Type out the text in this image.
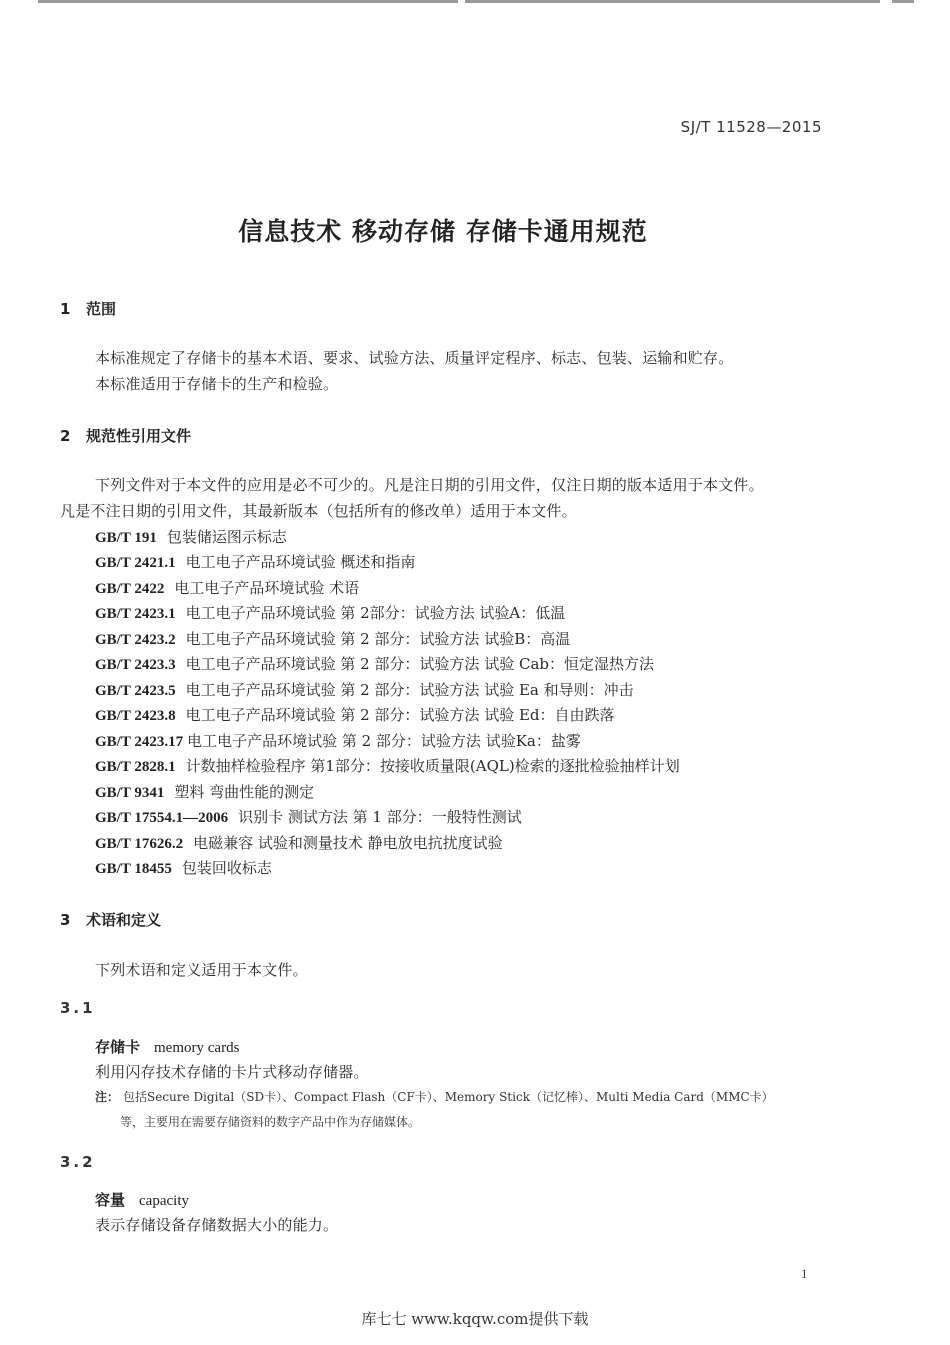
SJ/T 11528—2015
信息技术 移动存储 存储卡通用规范
1 范围
本标准规定了存储卡的基本术语、要求、试验方法、质量评定程序、标志、包装、运输和贮存。
本标准适用于存储卡的生产和检验。
2 规范性引用文件
下列文件对于本文件的应用是必不可少的。凡是注日期的引用文件，仅注日期的版本适用于本文件。
凡是不注日期的引用文件，其最新版本（包括所有的修改单）适用于本文件。
GB/T 191 包装储运图示标志
GB/T 2421.1 电工电子产品环境试验 概述和指南
GB/T 2422 电工电子产品环境试验 术语
GB/T 2423.1 电工电子产品环境试验 第 2部分：试验方法 试验A：低温
GB/T 2423.2 电工电子产品环境试验 第 2 部分：试验方法 试验B：高温
GB/T 2423.3 电工电子产品环境试验 第 2 部分：试验方法 试验 Cab：恒定湿热方法
GB/T 2423.5 电工电子产品环境试验 第 2 部分：试验方法 试验 Ea 和导则：冲击
GB/T 2423.8 电工电子产品环境试验 第 2 部分：试验方法 试验 Ed：自由跌落
GB/T 2423.17 电工电子产品环境试验 第 2 部分：试验方法 试验Ka：盐雾
GB/T 2828.1 计数抽样检验程序 第1部分：按接收质量限(AQL)检索的逐批检验抽样计划
GB/T 9341 塑料 弯曲性能的测定
GB/T 17554.1—2006 识别卡 测试方法 第 1 部分：一般特性测试
GB/T 17626.2 电磁兼容 试验和测量技术 静电放电抗扰度试验
GB/T 18455 包装回收标志
3 术语和定义
下列术语和定义适用于本文件。
3.1
存储卡 memory cards
利用闪存技术存储的卡片式移动存储器。
注： 包括Secure Digital（SD卡）、Compact Flash（CF卡）、Memory Stick（记忆棒）、Multi Media Card（MMC卡）
等，主要用在需要存储资料的数字产品中作为存储媒体。
3.2
容量 capacity
表示存储设备存储数据大小的能力。
1
库七七 www.kqqw.com提供下载
